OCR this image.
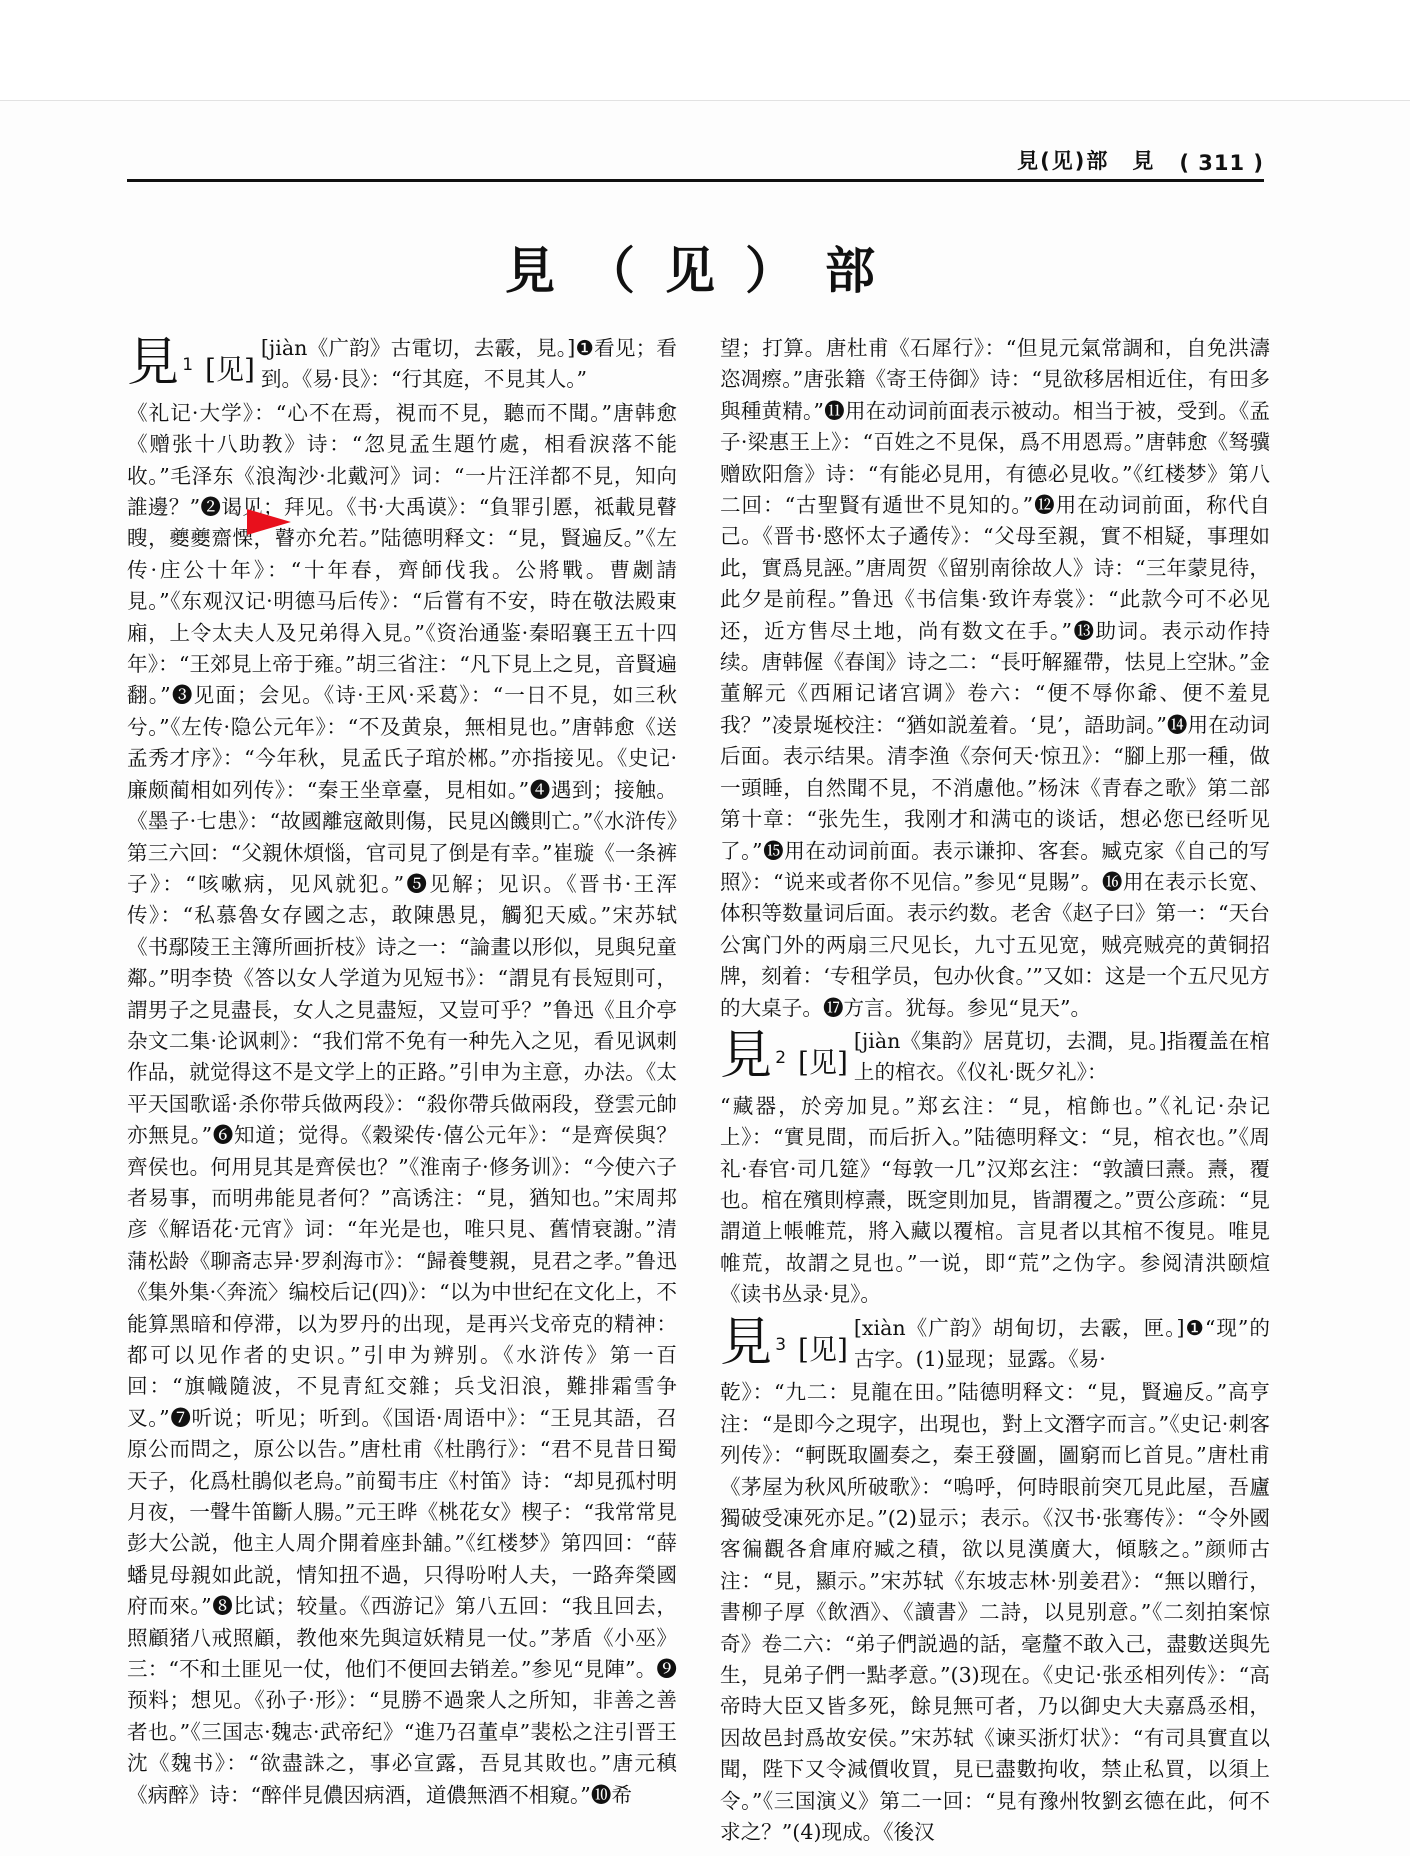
見(见)部　見 ( 311 )
見（见）部
見 1 [见]
[jiàn《广韵》古電切，去霰，見。]❶看见；看到。《易·艮》：“行其庭，不見其人。”

《礼记·大学》：“心不在焉，視而不見，聽而不聞。”唐韩愈《赠张十八助教》诗：“忽見孟生題竹處，相看淚落不能收。”毛泽东《浪淘沙·北戴河》词：“一片汪洋都不見，知向誰邊？”❷谒见；拜见。《书·大禹谟》：“負罪引慝，祗載見瞽瞍，夔夔齋慄，瞽亦允若。”陆德明释文：“見，賢遍反。”《左传·庄公十年》：“十年春，齊師伐我。公將戰。曹劌請見。”《东观汉记·明德马后传》：“后嘗有不安，時在敬法殿東廂，上令太夫人及兄弟得入見。”《资治通鉴·秦昭襄王五十四年》：“王郊見上帝于雍。”胡三省注：“凡下見上之見，音賢遍翻。”❸见面；会见。《诗·王风·采葛》：“一日不見，如三秋兮。”《左传·隐公元年》：“不及黄泉，無相見也。”唐韩愈《送孟秀才序》：“今年秋，見孟氏子琯於郴。”亦指接见。《史记·廉颇蔺相如列传》：“秦王坐章臺，見相如。”❹遇到；接触。《墨子·七患》：“故國離寇敵則傷，民見凶饑則亡。”《水浒传》第三六回：“父親休煩惱，官司見了倒是有幸。”崔璇《一条裤子》：“咳嗽病，见风就犯。”❺见解；见识。《晋书·王浑传》：“私慕魯女存國之志，敢陳愚見，觸犯天威。”宋苏轼《书鄢陵王主簿所画折枝》诗之一：“論畫以形似，見與兒童鄰。”明李贽《答以女人学道为见短书》：“謂見有長短則可，謂男子之見盡長，女人之見盡短，又豈可乎？”鲁迅《且介亭杂文二集·论讽刺》：“我们常不免有一种先入之见，看见讽刺作品，就觉得这不是文学上的正路。”引申为主意，办法。《太平天国歌谣·杀你带兵做两段》：“殺你帶兵做兩段，登雲元帥亦無見。”❻知道；觉得。《穀梁传·僖公元年》：“是齊侯與？齊侯也。何用見其是齊侯也？”《淮南子·修务训》：“今使六子者易事，而明弗能見者何？”高诱注：“見，猶知也。”宋周邦彦《解语花·元宵》词：“年光是也，唯只見、舊情衰謝。”清蒲松龄《聊斋志异·罗刹海市》：“歸養雙親，見君之孝。”鲁迅《集外集·〈奔流〉编校后记(四)》：“以为中世纪在文化上，不能算黑暗和停滞，以为罗丹的出现，是再兴戈帝克的精神：都可以见作者的史识。”引申为辨别。《水浒传》第一百回：“旗幟隨波，不見青紅交雜；兵戈汨浪，難排霜雪争叉。”❼听说；听见；听到。《国语·周语中》：“王見其語，召原公而問之，原公以告。”唐杜甫《杜鹃行》：“君不見昔日蜀天子，化爲杜鵑似老烏。”前蜀韦庄《村笛》诗：“却見孤村明月夜，一聲牛笛斷人腸。”元王晔《桃花女》楔子：“我常常見彭大公説，他主人周介開着座卦舖。”《红楼梦》第四回：“薛蟠見母親如此説，情知扭不過，只得吩咐人夫，一路奔榮國府而來。”❽比试；较量。《西游记》第八五回：“我且回去，照顧猪八戒照顧，教他來先與這妖精見一仗。”茅盾《小巫》三：“不和土匪见一仗，他们不便回去销差。”参见“見陣”。❾预料；想见。《孙子·形》：“見勝不過衆人之所知，非善之善者也。”《三国志·魏志·武帝纪》“進乃召董卓”裴松之注引晋王沈《魏书》：“欲盡誅之，事必宣露，吾見其敗也。”唐元稹《病醉》诗：“醉伴見儂因病酒，道儂無酒不相窺。”❿希

望；打算。唐杜甫《石犀行》：“但見元氣常調和，自免洪濤恣凋瘵。”唐张籍《寄王侍御》诗：“見欲移居相近住，有田多與種黄精。”⓫用在动词前面表示被动。相当于被，受到。《孟子·梁惠王上》：“百姓之不見保，爲不用恩焉。”唐韩愈《驽骥赠欧阳詹》诗：“有能必見用，有德必見收。”《红楼梦》第八二回：“古聖賢有遁世不見知的。”⓬用在动词前面，称代自己。《晋书·愍怀太子遹传》：“父母至親，實不相疑，事理如此，實爲見誣。”唐周贺《留别南徐故人》诗：“三年蒙見待，此夕是前程。”鲁迅《书信集·致许寿裳》：“此款今可不必见还，近方售尽土地，尚有数文在手。”⓭助词。表示动作持续。唐韩偓《春闺》诗之二：“長吁解羅帶，怯見上空牀。”金董解元《西厢记诸宫调》卷六：“便不辱你爺、便不羞見我？”凌景埏校注：“猶如説羞着。‘見’，語助詞。”⓮用在动词后面。表示结果。清李渔《奈何天·惊丑》：“腳上那一種，做一頭睡，自然聞不見，不消慮他。”杨沫《青春之歌》第二部第十章：“张先生，我刚才和满屯的谈话，想必您已经听见了。”⓯用在动词前面。表示谦抑、客套。臧克家《自己的写照》：“说来或者你不见信。”参见“見賜”。⓰用在表示长宽、体积等数量词后面。表示约数。老舍《赵子曰》第一：“天台公寓门外的两扇三尺见长，九寸五见宽，贼亮贼亮的黄铜招牌，刻着：‘专租学员，包办伙食。’”又如：这是一个五尺见方的大桌子。⓱方言。犹每。参见“見天”。

見 2 [见]
[jiàn《集韵》居莧切，去澗，見。]指覆盖在棺上的棺衣。《仪礼·既夕礼》：

“藏器，於旁加見。”郑玄注：“見，棺飾也。”《礼记·杂记上》：“實見間，而后折入。”陆德明释文：“見，棺衣也。”《周礼·春官·司几筵》“每敦一几”汉郑玄注：“敦讀曰燾。燾，覆也。棺在殯則椁燾，既窆則加見，皆謂覆之。”贾公彦疏：“見謂道上帳帷荒，將入藏以覆棺。言見者以其棺不復見。唯見帷荒，故謂之見也。”一说，即“荒”之伪字。参阅清洪颐煊《读书丛录·見》。

見 3 [见]
[xiàn《广韵》胡甸切，去霰，匣。]❶“现”的古字。(1)显现；显露。《易·

乾》：“九二：見龍在田。”陆德明释文：“見，賢遍反。”高亨注：“是即今之現字，出現也，對上文潛字而言。”《史记·刺客列传》：“軻既取圖奏之，秦王發圖，圖窮而匕首見。”唐杜甫《茅屋为秋风所破歌》：“嗚呼，何時眼前突兀見此屋，吾廬獨破受凍死亦足。”(2)显示；表示。《汉书·张骞传》：“令外國客徧觀各倉庫府臧之積，欲以見漢廣大，傾駭之。”颜师古注：“見，顯示。”宋苏轼《东坡志林·别姜君》：“無以贈行，書柳子厚《飲酒》、《讀書》二詩，以見别意。”《二刻拍案惊奇》卷二六：“弟子們説過的話，毫釐不敢入己，盡數送與先生，見弟子們一點孝意。”(3)现在。《史记·张丞相列传》：“高帝時大臣又皆多死，餘見無可者，乃以御史大夫嘉爲丞相，因故邑封爲故安侯。”宋苏轼《谏买浙灯状》：“有司具實直以聞，陛下又令減價收買，見已盡數拘收，禁止私買，以須上令。”《三国演义》第二一回：“見有豫州牧劉玄德在此，何不求之？”(4)现成。《後汉
